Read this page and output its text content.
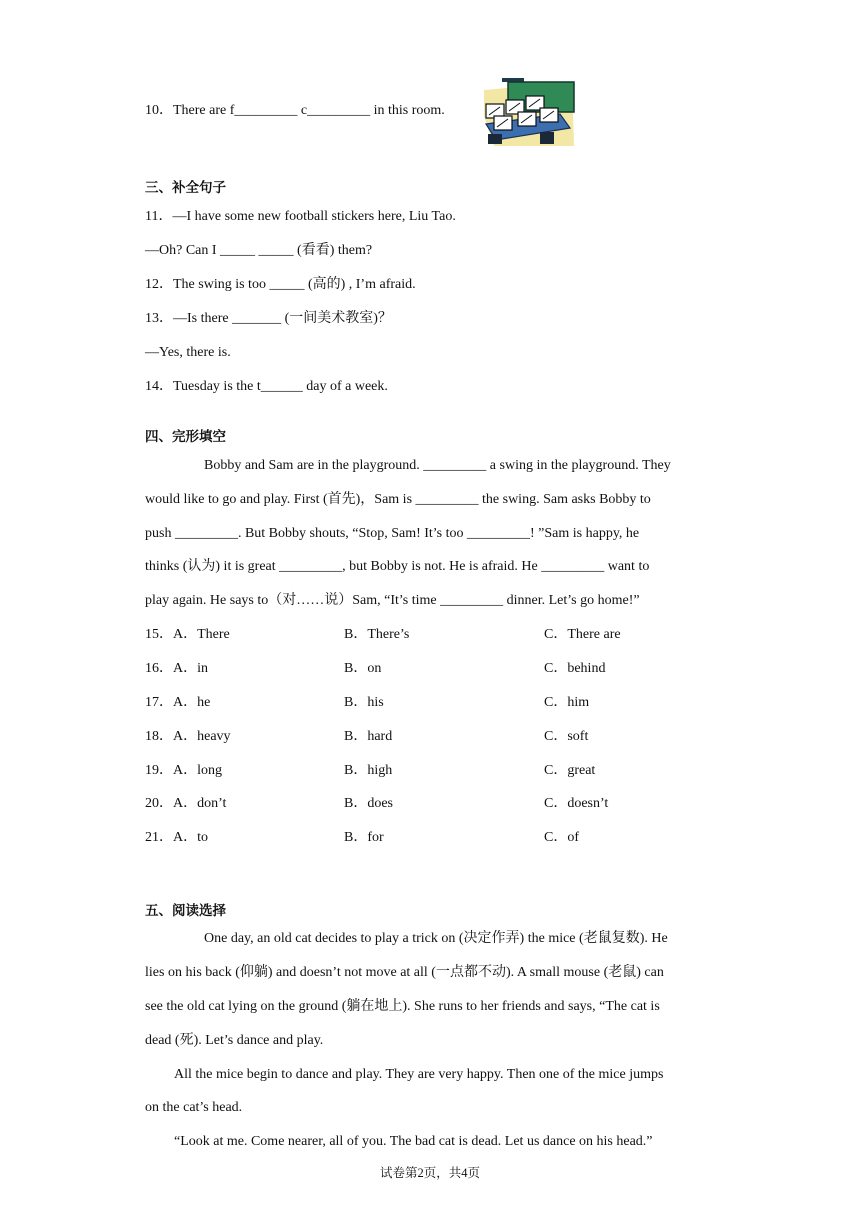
10．There are f_________ c_________ in this room.
三、补全句子
11．—I have some new football stickers here, Liu Tao.
—Oh? Can I _____ _____ (看看) them?
12．The swing is too _____ (高的) , I’m afraid.
13．—Is there _______ (一间美术教室)？
—Yes, there is.
14．Tuesday is the t______ day of a week.
四、完形填空
Bobby and Sam are in the playground. _________ a swing in the playground. They
would like to go and play. First (首先)，Sam is _________ the swing. Sam asks Bobby to
push _________. But Bobby shouts, “Stop, Sam! It’s too _________! ”Sam is happy, he
thinks (认为) it is great _________, but Bobby is not. He is afraid. He _________ want to
play again. He says to（对……说）Sam, “It’s time _________ dinner. Let’s go home!”
15．A．There	B．There’s	C．There are
16．A．in	B．on	C．behind
17．A．he	B．his	C．him
18．A．heavy	B．hard	C．soft
19．A．long	B．high	C．great
20．A．don’t	B．does	C．doesn’t
21．A．to	B．for	C．of
五、阅读选择
One day, an old cat decides to play a trick on (决定作弄) the mice (老鼠复数). He
lies on his back (仰躺) and doesn’t not move at all (一点都不动). A small mouse (老鼠) can
see the old cat lying on the ground (躺在地上). She runs to her friends and says, “The cat is
dead (死). Let’s dance and play.
All the mice begin to dance and play. They are very happy. Then one of the mice jumps
on the cat’s head.
“Look at me. Come nearer, all of you. The bad cat is dead. Let us dance on his head.”
试卷第2页，共4页
